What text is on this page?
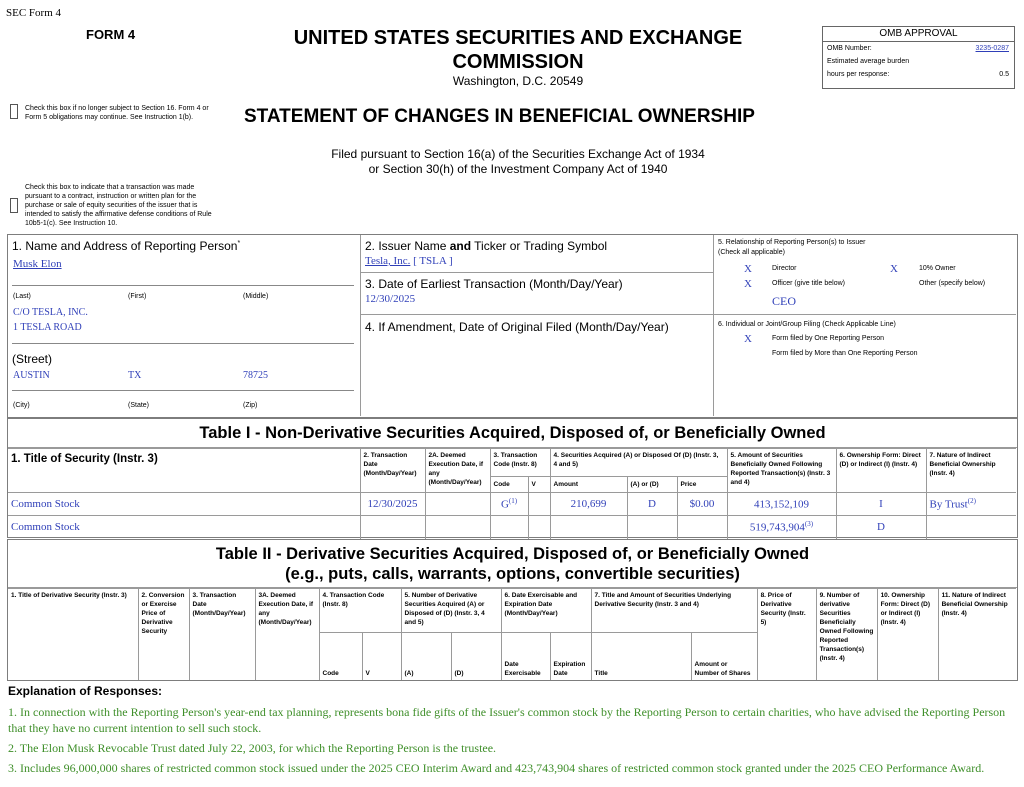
SEC Form 4
FORM 4	UNITED STATES SECURITIES AND EXCHANGE
COMMISSION
Washington, D.C. 20549
OMB APPROVAL
OMB Number:	3235-0287
Estimated average burden
hours per response:	0.5
Check this box if no longer subject to Section 16. Form 4 or Form 5 obligations may continue. See Instruction 1(b).	STATEMENT OF CHANGES IN BENEFICIAL OWNERSHIP
Filed pursuant to Section 16(a) of the Securities Exchange Act of 1934
or Section 30(h) of the Investment Company Act of 1940
Check this box to indicate that a transaction was made pursuant to a contract, instruction or written plan for the purchase or sale of equity securities of the issuer that is intended to satisfy the affirmative defense conditions of Rule 10b5-1(c). See Instruction 10.
1. Name and Address of Reporting Person*
Musk Elon
(Last)	(First)	(Middle)
C/O TESLA, INC.
1 TESLA ROAD
(Street)
AUSTIN	TX	78725
(City)	(State)	(Zip)
2. Issuer Name and Ticker or Trading Symbol
Tesla, Inc. [ TSLA ]
3. Date of Earliest Transaction (Month/Day/Year)
12/30/2025
4. If Amendment, Date of Original Filed (Month/Day/Year)
5. Relationship of Reporting Person(s) to Issuer
(Check all applicable)
X	Director	X	10% Owner
X	Officer (give title below)	Other (specify below)
CEO
6. Individual or Joint/Group Filing (Check Applicable Line)
X	Form filed by One Reporting Person
Form filed by More than One Reporting Person
Table I - Non-Derivative Securities Acquired, Disposed of, or Beneficially Owned
1. Title of Security (Instr. 3)	2. Transaction Date (Month/Day/Year)	2A. Deemed Execution Date, if any (Month/Day/Year)	3. Transaction Code (Instr. 8)		4. Securities Acquired (A) or Disposed Of (D) (Instr. 3, 4 and 5)			5. Amount of Securities Beneficially Owned Following Reported Transaction(s) (Instr. 3 and 4)	6. Ownership Form: Direct (D) or Indirect (I) (Instr. 4)	7. Nature of Indirect Beneficial Ownership (Instr. 4)
			Code	V	Amount	(A) or (D)	Price			
Common Stock	12/30/2025		$G^{(1)}$		210,699	D	$0.00	413,152,109	I	By Trust$^{(2)}$
Common Stock								519,743,904$^{(3)}$	D	
Table II - Derivative Securities Acquired, Disposed of, or Beneficially Owned
(e.g., puts, calls, warrants, options, convertible securities)
1. Title of Derivative Security (Instr. 3)	2. Conversion or Exercise Price of Derivative Security	3. Transaction Date (Month/Day/Year)	3A. Deemed Execution Date, if any (Month/Day/Year)	4. Transaction Code (Instr. 8)		5. Number of Derivative Securities Acquired (A) or Disposed of (D) (Instr. 3, 4 and 5)		6. Date Exercisable and Expiration Date (Month/Day/Year)		7. Title and Amount of Securities Underlying Derivative Security (Instr. 3 and 4)		8. Price of Derivative Security (Instr. 5)	9. Number of derivative Securities Beneficially Owned Following Reported Transaction(s) (Instr. 4)	10. Ownership Form: Direct (D) or Indirect (I) (Instr. 4)	11. Nature of Indirect Beneficial Ownership (Instr. 4)
				Code	V	(A)	(D)	Date Exercisable	Expiration Date	Title	Amount or Number of Shares				
Explanation of Responses:
1. In connection with the Reporting Person's year-end tax planning, represents bona fide gifts of the Issuer's common stock by the Reporting Person to certain charities, who have advised the Reporting Person that they have no current intention to sell such stock.
2. The Elon Musk Revocable Trust dated July 22, 2003, for which the Reporting Person is the trustee.
3. Includes 96,000,000 shares of restricted common stock issued under the 2025 CEO Interim Award and 423,743,904 shares of restricted common stock granted under the 2025 CEO Performance Award.
